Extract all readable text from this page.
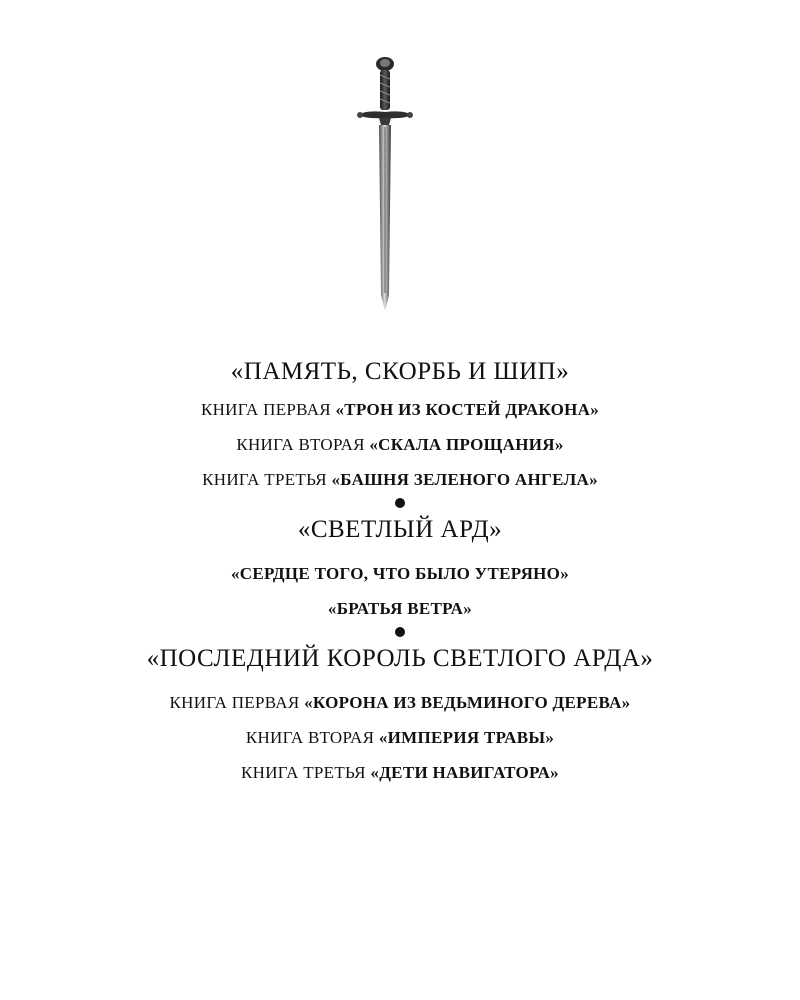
«ПАМЯТЬ, СКОРБЬ И ШИП»
КНИГА ПЕРВАЯ «ТРОН ИЗ КОСТЕЙ ДРАКОНА»
КНИГА ВТОРАЯ «СКАЛА ПРОЩАНИЯ»
КНИГА ТРЕТЬЯ «БАШНЯ ЗЕЛЕНОГО АНГЕЛА»
«СВЕТЛЫЙ АРД»
«СЕРДЦЕ ТОГО, ЧТО БЫЛО УТЕРЯНО»
«БРАТЬЯ ВЕТРА»
«ПОСЛЕДНИЙ КОРОЛЬ СВЕТЛОГО АРДА»
КНИГА ПЕРВАЯ «КОРОНА ИЗ ВЕДЬМИНОГО ДЕРЕВА»
КНИГА ВТОРАЯ «ИМПЕРИЯ ТРАВЫ»
КНИГА ТРЕТЬЯ «ДЕТИ НАВИГАТОРА»
